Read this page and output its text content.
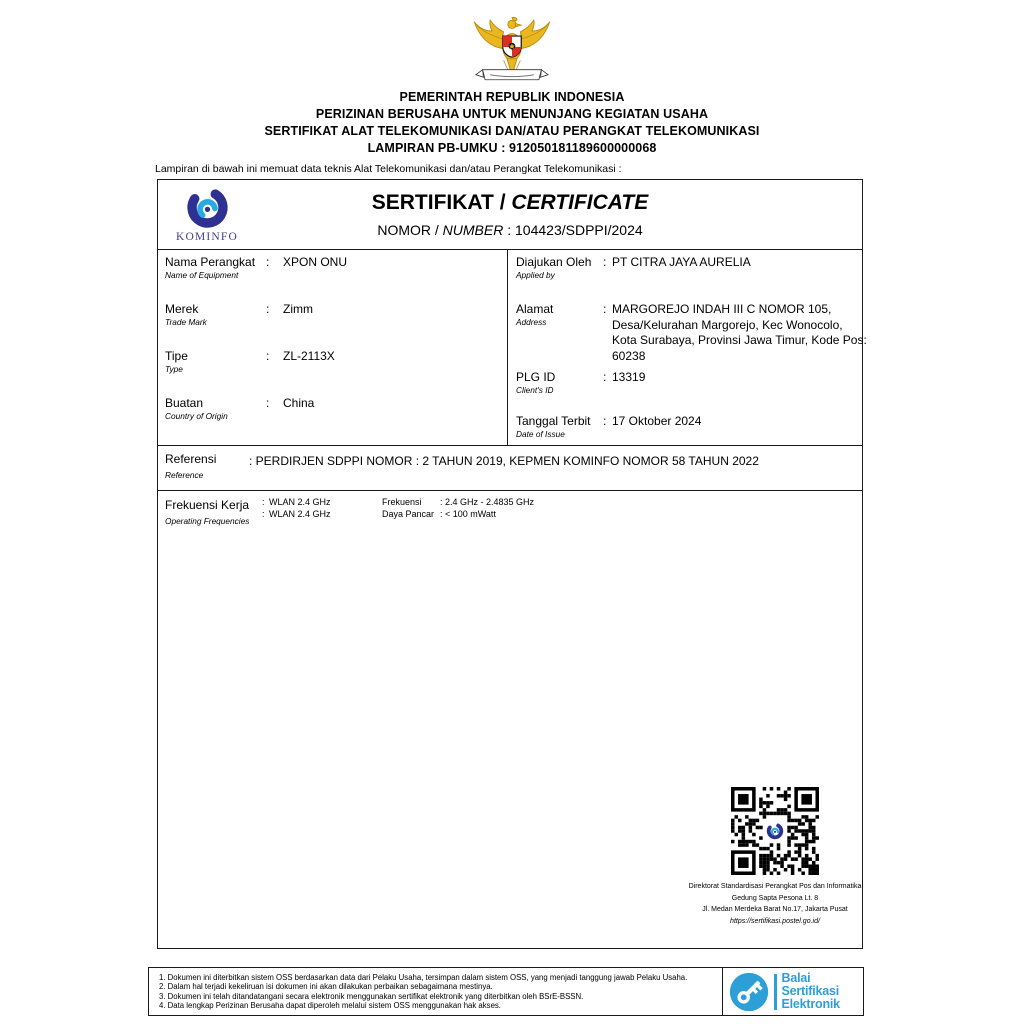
PEMERINTAH REPUBLIK INDONESIA
PERIZINAN BERUSAHA UNTUK MENUNJANG KEGIATAN USAHA
SERTIFIKAT ALAT TELEKOMUNIKASI DAN/ATAU PERANGKAT TELEKOMUNIKASI
LAMPIRAN PB-UMKU : 912050181189600000068
Lampiran di bawah ini memuat data teknis Alat Telekomunikasi dan/atau Perangkat Telekomunikasi :
KOMINFO
SERTIFIKAT / CERTIFICATE
NOMOR / NUMBER : 104423/SDPPI/2024
Nama Perangkat
Name of Equipment
:	XPON ONU
Merek
Trade Mark
:	Zimm
Tipe
Type
:	ZL-2113X
Buatan
Country of Origin
:	China
Diajukan Oleh
Applied by
: PT CITRA JAYA AURELIA
Alamat
Address
: MARGOREJO INDAH III C NOMOR 105, Desa/Kelurahan Margorejo, Kec Wonocolo, Kota Surabaya, Provinsi Jawa Timur, Kode Pos: 60238
PLG ID
Client's ID
: 13319
Tanggal Terbit
Date of Issue
: 17 Oktober 2024
Referensi
Reference
: PERDIRJEN SDPPI NOMOR : 2 TAHUN 2019, KEPMEN KOMINFO NOMOR 58 TAHUN 2022
Frekuensi Kerja
Operating Frequencies
: WLAN 2.4 GHz
: WLAN 2.4 GHz
Frekuensi	: 2.4 GHz - 2.4835 GHz
Daya Pancar : < 100 mWatt
Direktorat Standardisasi Perangkat Pos dan Informatika
Gedung Sapta Pesona Lt. 8
Jl. Medan Merdeka Barat No.17, Jakarta Pusat
https://sertifikasi.postel.go.id/
1. Dokumen ini diterbitkan sistem OSS berdasarkan data dari Pelaku Usaha, tersimpan dalam sistem OSS, yang menjadi tanggung jawab Pelaku Usaha.
2. Dalam hal terjadi kekeliruan isi dokumen ini akan dilakukan perbaikan sebagaimana mestinya.
3. Dokumen ini telah ditandatangani secara elektronik menggunakan sertifikat elektronik yang diterbitkan oleh BSrE-BSSN.
4. Data lengkap Perizinan Berusaha dapat diperoleh melalui sistem OSS menggunakan hak akses.
Balai
Sertifikasi
Elektronik
